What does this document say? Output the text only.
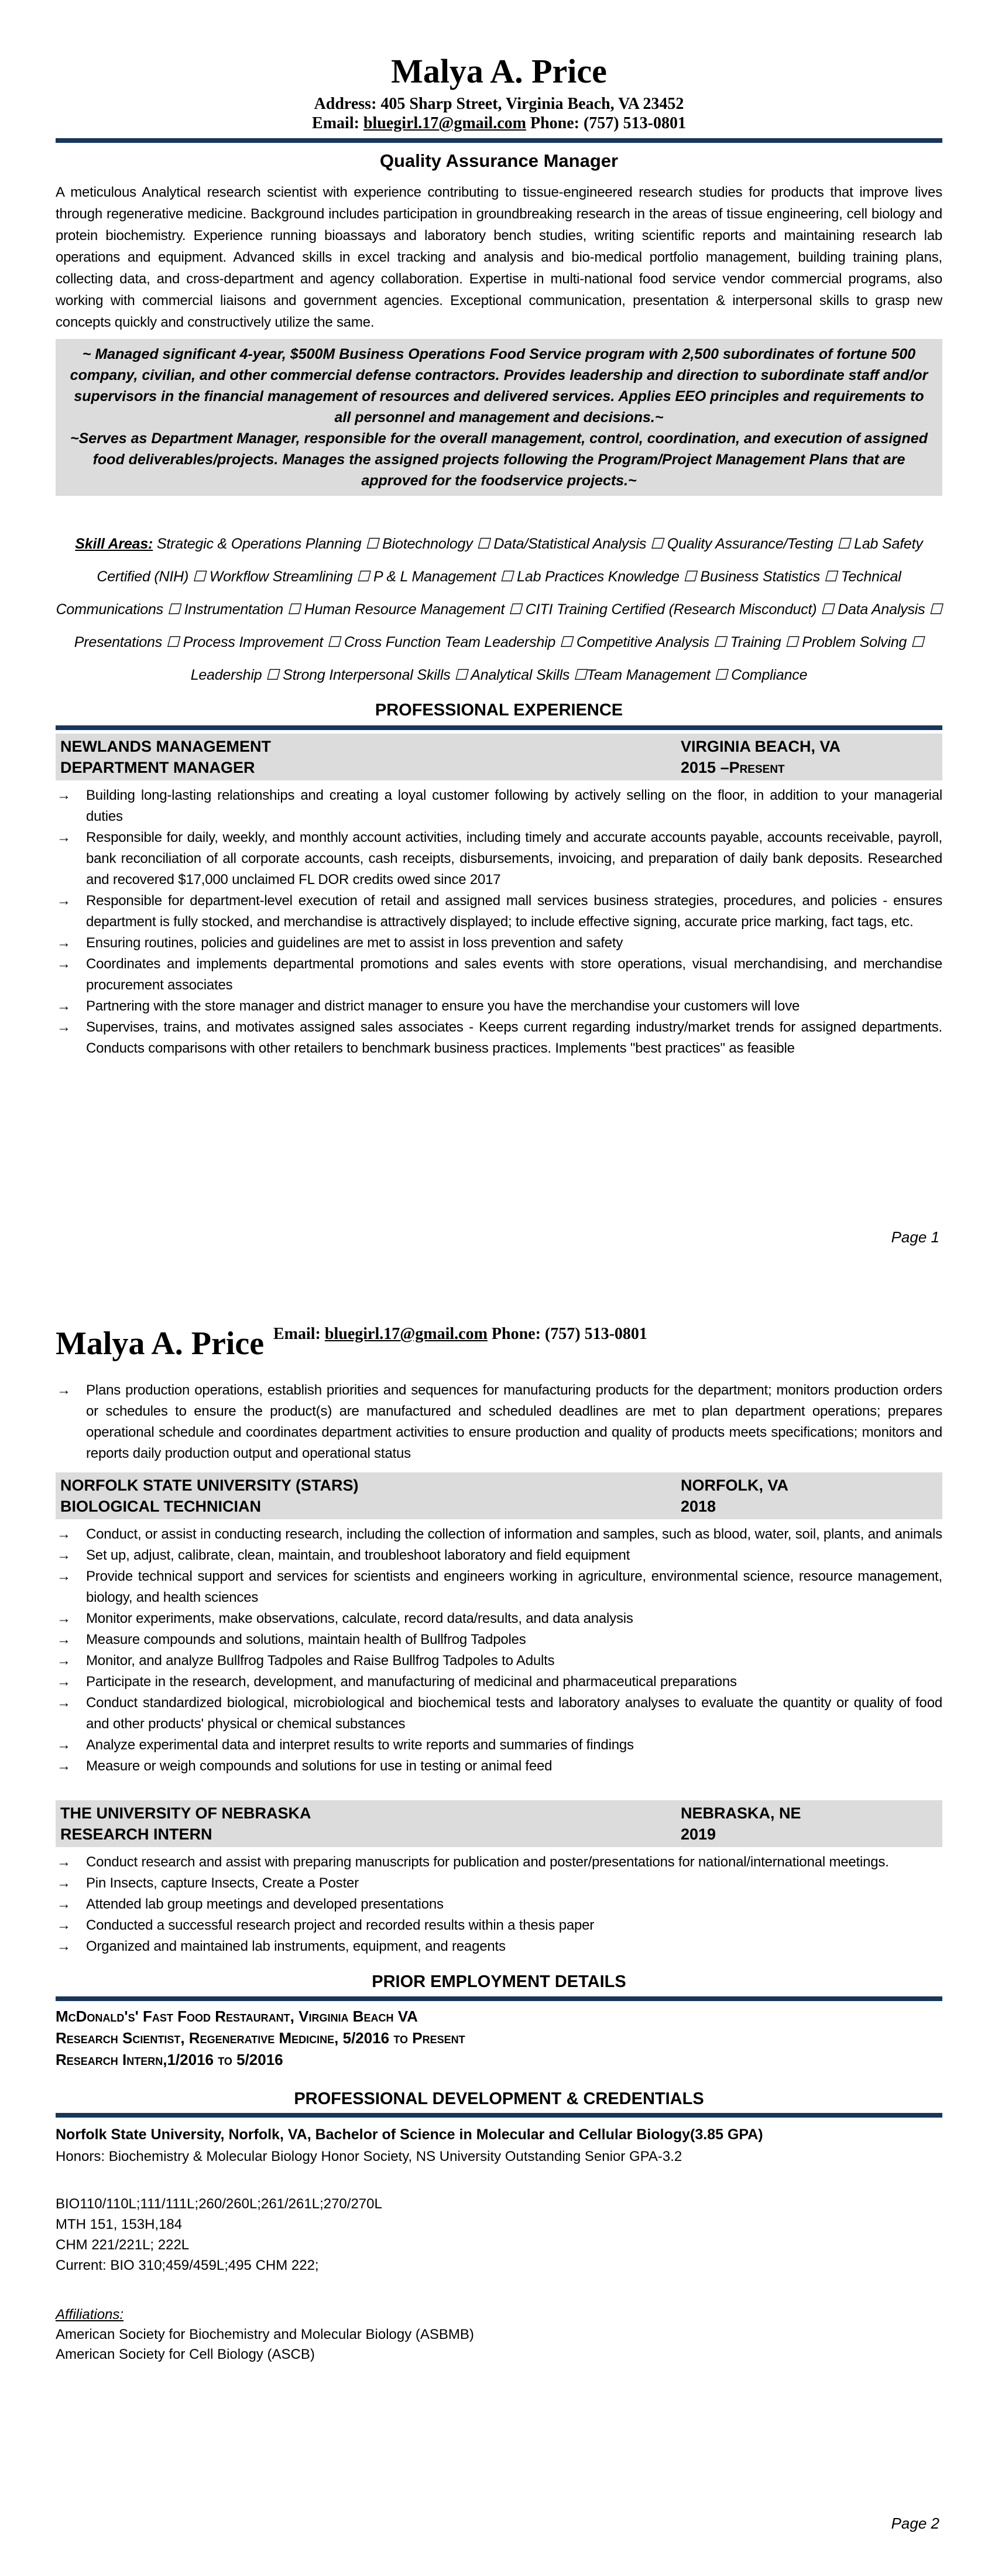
Malya A. Price
Address: 405 Sharp Street, Virginia Beach, VA 23452
Email: bluegirl.17@gmail.com Phone: (757) 513-0801
Quality Assurance Manager
A meticulous Analytical research scientist with experience contributing to tissue-engineered research studies for products that improve lives through regenerative medicine. Background includes participation in groundbreaking research in the areas of tissue engineering, cell biology and protein biochemistry. Experience running bioassays and laboratory bench studies, writing scientific reports and maintaining research lab operations and equipment. Advanced skills in excel tracking and analysis and bio-medical portfolio management, building training plans, collecting data, and cross-department and agency collaboration. Expertise in multi-national food service vendor commercial programs, also working with commercial liaisons and government agencies. Exceptional communication, presentation & interpersonal skills to grasp new concepts quickly and constructively utilize the same.

~ Managed significant 4-year, $500M Business Operations Food Service program with 2,500 subordinates of fortune 500 company, civilian, and other commercial defense contractors. Provides leadership and direction to subordinate staff and/or supervisors in the financial management of resources and delivered services. Applies EEO principles and requirements to all personnel and management and decisions.~

~Serves as Department Manager, responsible for the overall management, control, coordination, and execution of assigned food deliverables/projects. Manages the assigned projects following the Program/Project Management Plans that are approved for the foodservice projects.~

Skill Areas: Strategic & Operations Planning ☐ Biotechnology ☐ Data/Statistical Analysis ☐ Quality Assurance/Testing ☐ Lab Safety Certified (NIH) ☐ Workflow Streamlining ☐ P & L Management ☐ Lab Practices Knowledge ☐ Business Statistics ☐ Technical Communications ☐ Instrumentation ☐ Human Resource Management ☐ CITI Training Certified (Research Misconduct) ☐ Data Analysis ☐ Presentations ☐ Process Improvement ☐ Cross Function Team Leadership ☐ Competitive Analysis ☐ Training ☐ Problem Solving ☐ Leadership ☐ Strong Interpersonal Skills ☐ Analytical Skills ☐Team Management ☐ Compliance
PROFESSIONAL EXPERIENCE
NEWLANDS MANAGEMENT	VIRGINIA BEACH, VA
DEPARTMENT MANAGER	2015 –Present
→ Building long-lasting relationships and creating a loyal customer following by actively selling on the floor, in addition to your managerial duties
→ Responsible for daily, weekly, and monthly account activities, including timely and accurate accounts payable, accounts receivable, payroll, bank reconciliation of all corporate accounts, cash receipts, disbursements, invoicing, and preparation of daily bank deposits. Researched and recovered $17,000 unclaimed FL DOR credits owed since 2017
→ Responsible for department-level execution of retail and assigned mall services business strategies, procedures, and policies - ensures department is fully stocked, and merchandise is attractively displayed; to include effective signing, accurate price marking, fact tags, etc.
→ Ensuring routines, policies and guidelines are met to assist in loss prevention and safety
→ Coordinates and implements departmental promotions and sales events with store operations, visual merchandising, and merchandise procurement associates
→ Partnering with the store manager and district manager to ensure you have the merchandise your customers will love
→ Supervises, trains, and motivates assigned sales associates - Keeps current regarding industry/market trends for assigned departments. Conducts comparisons with other retailers to benchmark business practices. Implements "best practices" as feasible
Page 1
Malya A. Price Email: bluegirl.17@gmail.com Phone: (757) 513-0801
→ Plans production operations, establish priorities and sequences for manufacturing products for the department; monitors production orders or schedules to ensure the product(s) are manufactured and scheduled deadlines are met to plan department operations; prepares operational schedule and coordinates department activities to ensure production and quality of products meets specifications; monitors and reports daily production output and operational status
NORFOLK STATE UNIVERSITY (STARS)	NORFOLK, VA
BIOLOGICAL TECHNICIAN	2018
→ Conduct, or assist in conducting research, including the collection of information and samples, such as blood, water, soil, plants, and animals
→ Set up, adjust, calibrate, clean, maintain, and troubleshoot laboratory and field equipment
→ Provide technical support and services for scientists and engineers working in agriculture, environmental science, resource management, biology, and health sciences
→ Monitor experiments, make observations, calculate, record data/results, and data analysis
→ Measure compounds and solutions, maintain health of Bullfrog Tadpoles
→ Monitor, and analyze Bullfrog Tadpoles and Raise Bullfrog Tadpoles to Adults
→ Participate in the research, development, and manufacturing of medicinal and pharmaceutical preparations
→ Conduct standardized biological, microbiological and biochemical tests and laboratory analyses to evaluate the quantity or quality of food and other products' physical or chemical substances
→ Analyze experimental data and interpret results to write reports and summaries of findings
→ Measure or weigh compounds and solutions for use in testing or animal feed
THE UNIVERSITY OF NEBRASKA	NEBRASKA, NE
RESEARCH INTERN	2019
→ Conduct research and assist with preparing manuscripts for publication and poster/presentations for national/international meetings.
→ Pin Insects, capture Insects, Create a Poster
→ Attended lab group meetings and developed presentations
→ Conducted a successful research project and recorded results within a thesis paper
→ Organized and maintained lab instruments, equipment, and reagents
PRIOR EMPLOYMENT DETAILS
McDonald's' Fast Food Restaurant, Virginia Beach VA
Research Scientist, Regenerative Medicine, 5/2016 to Present
Research Intern,1/2016 to 5/2016
PROFESSIONAL DEVELOPMENT & CREDENTIALS
Norfolk State University, Norfolk, VA, Bachelor of Science in Molecular and Cellular Biology(3.85 GPA)
Honors: Biochemistry & Molecular Biology Honor Society, NS University Outstanding Senior GPA-3.2
BIO110/110L;111/111L;260/260L;261/261L;270/270L
MTH 151, 153H,184
CHM 221/221L; 222L
Current: BIO 310;459/459L;495 CHM 222;
Affiliations:
American Society for Biochemistry and Molecular Biology (ASBMB)
American Society for Cell Biology (ASCB)
Page 2
